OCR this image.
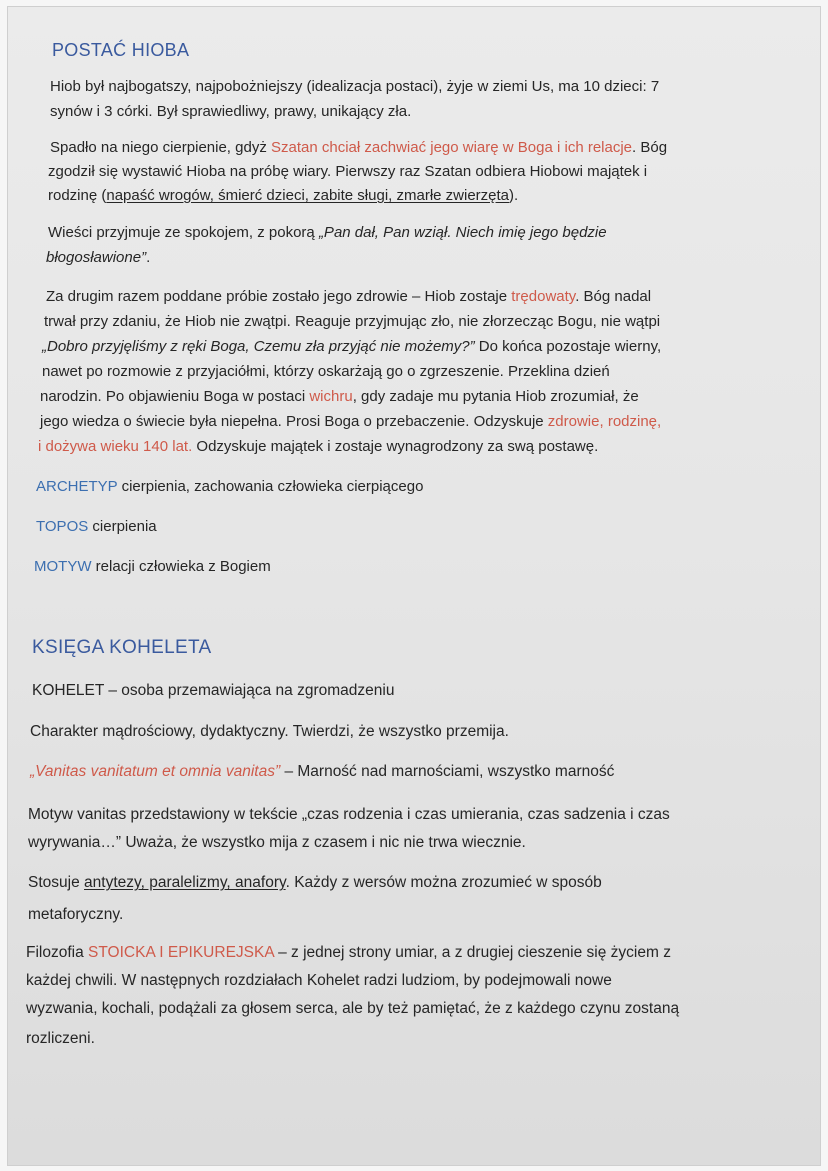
POSTAĆ HIOBA
Hiob był najbogatszy, najpobożniejszy (idealizacja postaci), żyje w ziemi Us, ma 10 dzieci: 7
synów i 3 córki. Był sprawiedliwy, prawy, unikający zła.
Spadło na niego cierpienie, gdyż Szatan chciał zachwiać jego wiarę w Boga i ich relacje. Bóg
zgodził się wystawić Hioba na próbę wiary. Pierwszy raz Szatan odbiera Hiobowi majątek i
rodzinę (napaść wrogów, śmierć dzieci, zabite sługi, zmarłe zwierzęta).
Wieści przyjmuje ze spokojem, z pokorą „Pan dał, Pan wziął. Niech imię jego będzie
błogosławione”.
Za drugim razem poddane próbie zostało jego zdrowie – Hiob zostaje trędowaty. Bóg nadal
trwał przy zdaniu, że Hiob nie zwątpi. Reaguje przyjmując zło, nie złorzecząc Bogu, nie wątpi
„Dobro przyjęliśmy z ręki Boga, Czemu zła przyjąć nie możemy?” Do końca pozostaje wierny,
nawet po rozmowie z przyjaciółmi, którzy oskarżają go o zgrzeszenie. Przeklina dzień
narodzin. Po objawieniu Boga w postaci wichru, gdy zadaje mu pytania Hiob zrozumiał, że
jego wiedza o świecie była niepełna. Prosi Boga o przebaczenie. Odzyskuje zdrowie, rodzinę,
i dożywa wieku 140 lat. Odzyskuje majątek i zostaje wynagrodzony za swą postawę.
ARCHETYP cierpienia, zachowania człowieka cierpiącego
TOPOS cierpienia
MOTYW relacji człowieka z Bogiem
KSIĘGA KOHELETA
KOHELET – osoba przemawiająca na zgromadzeniu
Charakter mądrościowy, dydaktyczny. Twierdzi, że wszystko przemija.
„Vanitas vanitatum et omnia vanitas” – Marność nad marnościami, wszystko marność
Motyw vanitas przedstawiony w tekście „czas rodzenia i czas umierania, czas sadzenia i czas
wyrywania…” Uważa, że wszystko mija z czasem i nic nie trwa wiecznie.
Stosuje antytezy, paralelizmy, anafory. Każdy z wersów można zrozumieć w sposób
metaforyczny.
Filozofia STOICKA I EPIKUREJSKA – z jednej strony umiar, a z drugiej cieszenie się życiem z
każdej chwili. W następnych rozdziałach Kohelet radzi ludziom, by podejmowali nowe
wyzwania, kochali, podążali za głosem serca, ale by też pamiętać, że z każdego czynu zostaną
rozliczeni.
